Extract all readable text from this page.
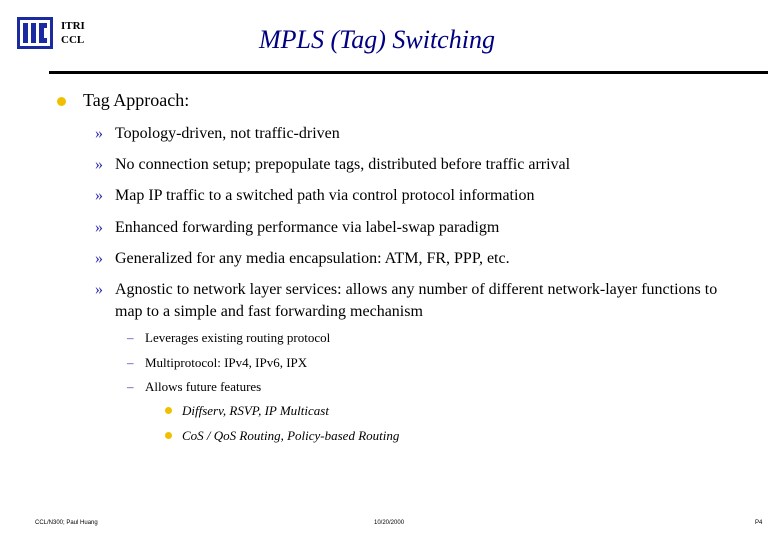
ITRI
CCL	MPLS (Tag) Switching
Tag Approach:
» Topology-driven, not traffic-driven
» No connection setup; prepopulate tags, distributed before traffic arrival
» Map IP traffic to a switched path via control protocol information
» Enhanced forwarding performance via label-swap paradigm
» Generalized for any media encapsulation: ATM, FR, PPP, etc.
» Agnostic to network layer services: allows any number of different network-layer functions to map to a simple and fast forwarding mechanism
– Leverages existing routing protocol
– Multiprotocol: IPv4, IPv6, IPX
– Allows future features
Diffserv, RSVP, IP Multicast
CoS / QoS Routing, Policy-based Routing
CCL/N300; Paul Huang	10/20/2000	P4
